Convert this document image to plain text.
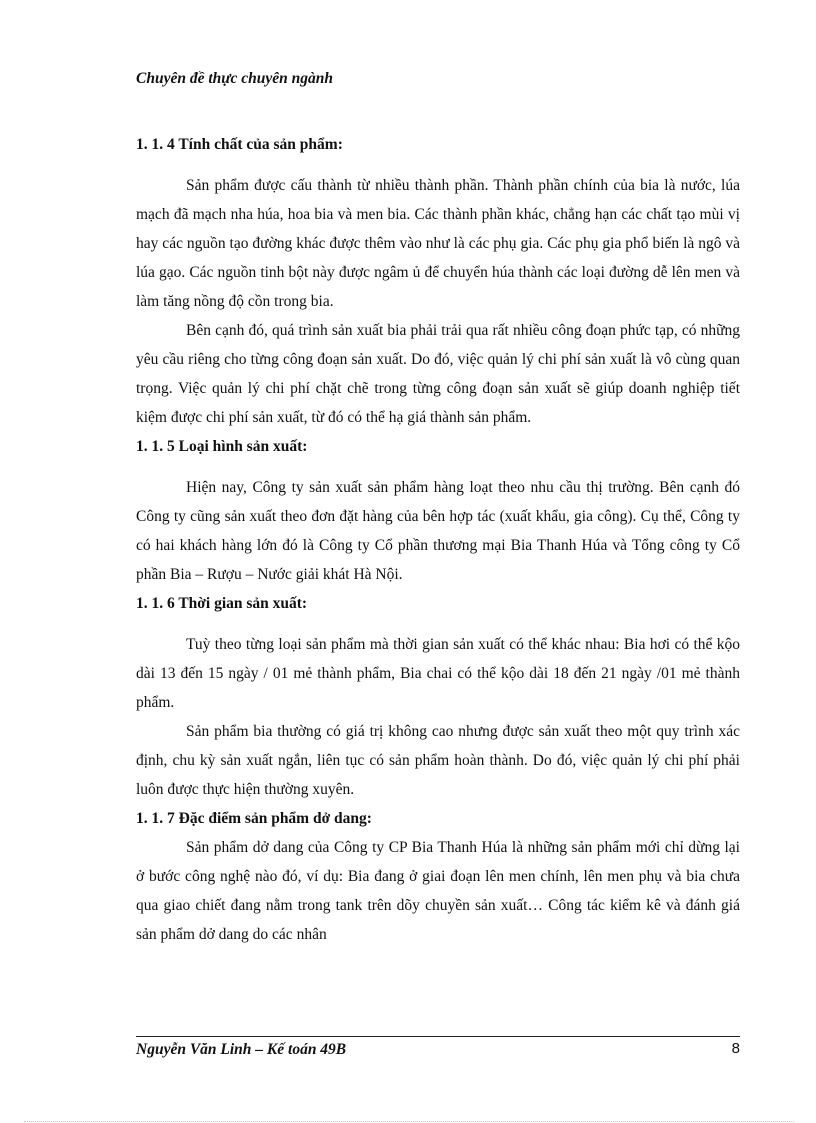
Chuyên đề thực chuyên ngành
1. 1. 4 Tính chất của sản phẩm:

Sản phẩm được cấu thành từ nhiều thành phần. Thành phần chính của bia là nước, lúa mạch đã mạch nha húa, hoa bia và men bia. Các thành phần khác, chẳng hạn các chất tạo mùi vị hay các nguồn tạo đường khác được thêm vào như là các phụ gia. Các phụ gia phổ biến là ngô và lúa gạo. Các nguồn tinh bột này được ngâm ủ để chuyển húa thành các loại đường dễ lên men và làm tăng nồng độ cồn trong bia.

Bên cạnh đó, quá trình sản xuất bia phải trải qua rất nhiều công đoạn phức tạp, có những yêu cầu riêng cho từng công đoạn sản xuất. Do đó, việc quản lý chi phí sản xuất là vô cùng quan trọng. Việc quản lý chi phí chặt chẽ trong từng công đoạn sản xuất sẽ giúp doanh nghiệp tiết kiệm được chi phí sản xuất, từ đó có thể hạ giá thành sản phẩm.

1. 1. 5 Loại hình sản xuất:

Hiện nay, Công ty sản xuất sản phẩm hàng loạt theo nhu cầu thị trường. Bên cạnh đó Công ty cũng sản xuất theo đơn đặt hàng của bên hợp tác (xuất khẩu, gia công). Cụ thể, Công ty có hai khách hàng lớn đó là Công ty Cổ phần thương mại Bia Thanh Húa và Tổng công ty Cổ phần Bia – Rượu – Nước giải khát Hà Nội.

1. 1. 6 Thời gian sản xuất:

Tuỳ theo từng loại sản phẩm mà thời gian sản xuất có thể khác nhau: Bia hơi có thể kộo dài 13 đến 15 ngày / 01 mẻ thành phẩm, Bia chai có thể kộo dài 18 đến 21 ngày /01 mẻ thành phẩm.

Sản phẩm bia thường có giá trị không cao nhưng được sản xuất theo một quy trình xác định, chu kỳ sản xuất ngắn, liên tục có sản phẩm hoàn thành. Do đó, việc quản lý chi phí phải luôn được thực hiện thường xuyên.

1. 1. 7 Đặc điểm sản phẩm dở dang:

Sản phẩm dở dang của Công ty CP Bia Thanh Húa là những sản phẩm mới chỉ dừng lại ở bước công nghệ nào đó, ví dụ: Bia đang ở giai đoạn lên men chính, lên men phụ và bia chưa qua giao chiết đang nằm trong tank trên dõy chuyền sản xuất… Công tác kiểm kê và đánh giá sản phẩm dở dang do các nhân

Nguyễn Văn Linh – Kế toán 49B	8
